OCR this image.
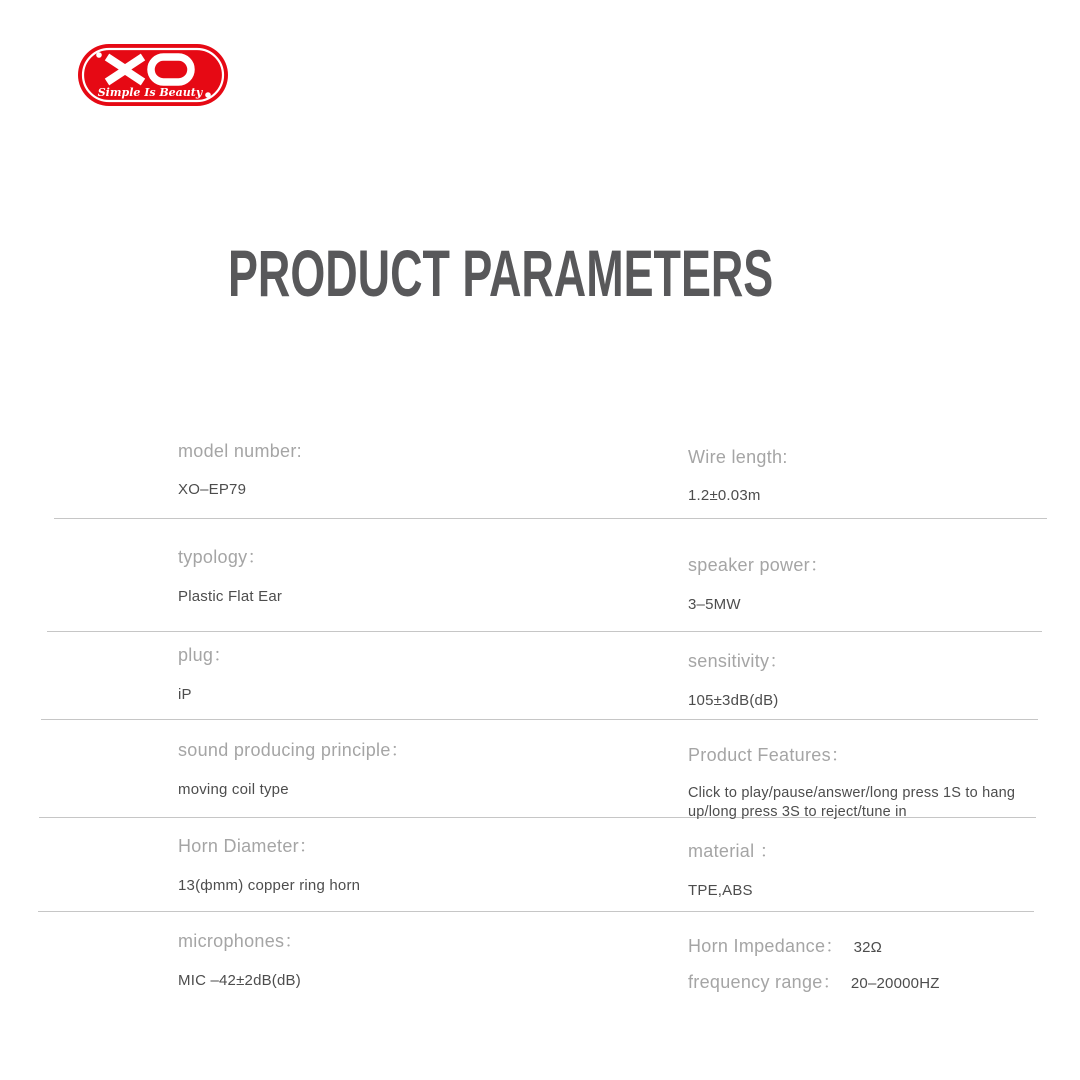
Simple Is Beauty
PRODUCT PARAMETERS
model number:
XO–EP79
typology：
Plastic Flat Ear
plug：
iP
sound producing principle：
moving coil type
Horn Diameter：
13(фmm) copper ring horn
microphones：
MIC –42±2dB(dB)
Wire length:
1.2±0.03m
speaker power：
3–5MW
sensitivity：
105±3dB(dB)
Product Features：
Click to play/pause/answer/long press 1S to hang up/long press 3S to reject/tune in
material ：
TPE,ABS
Horn Impedance： 32Ω
frequency range： 20–20000HZ
